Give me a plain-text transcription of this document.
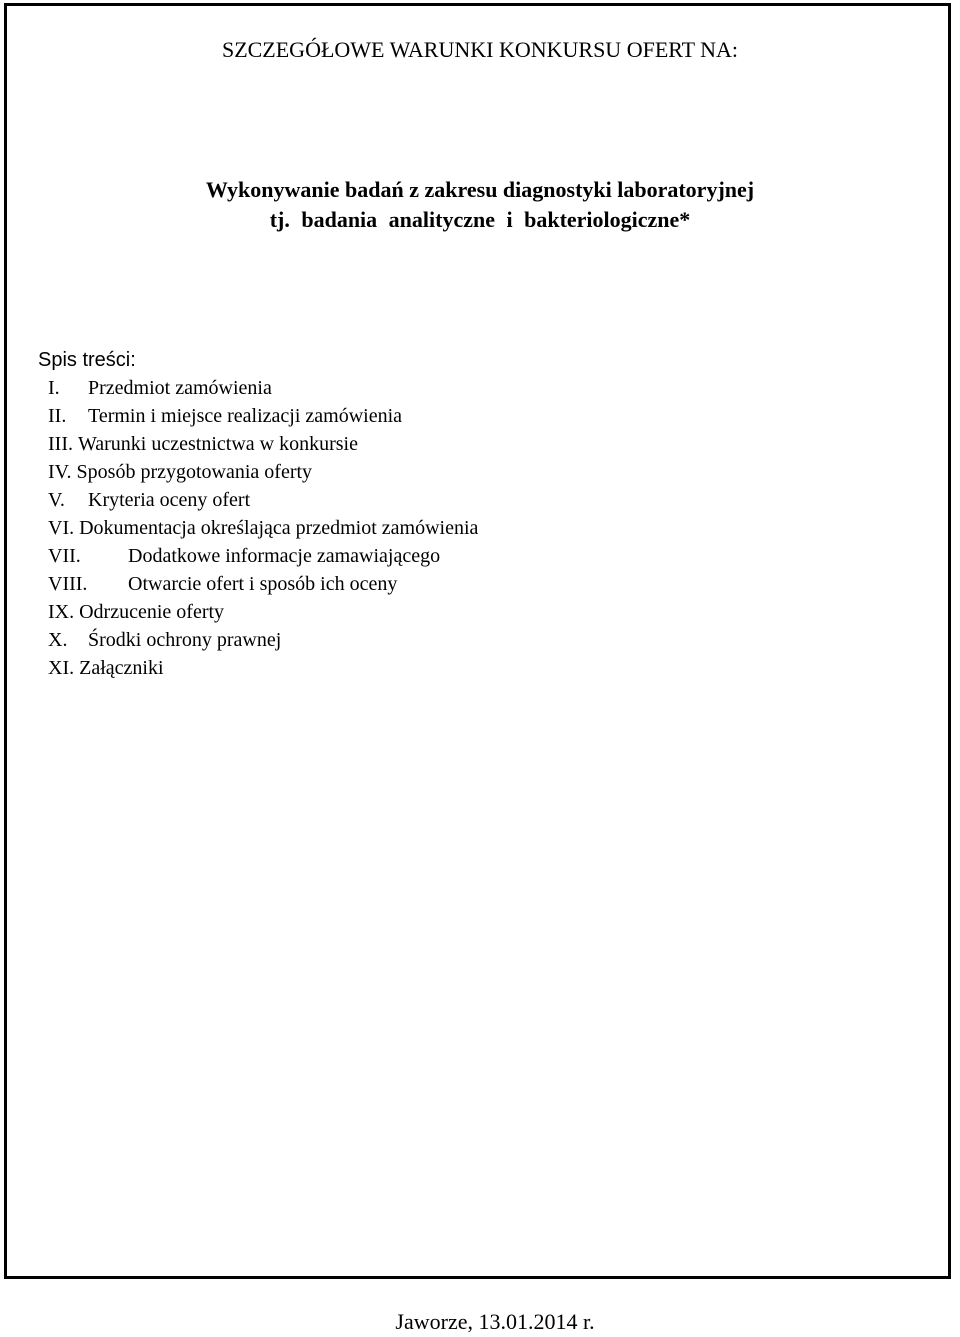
SZCZEGÓŁOWE WARUNKI KONKURSU OFERT NA:

Wykonywanie badań z zakresu diagnostyki laboratoryjnej

tj. badania analityczne i bakteriologiczne*

Spis treści:
I. Przedmiot zamówienia
II. Termin i miejsce realizacji zamówienia
III. Warunki uczestnictwa w konkursie
IV. Sposób przygotowania oferty
V. Kryteria oceny ofert
VI. Dokumentacja określająca przedmiot zamówienia
VII. Dodatkowe informacje zamawiającego
VIII. Otwarcie ofert i sposób ich oceny
IX. Odrzucenie oferty
X. Środki ochrony prawnej
XI. Załączniki
Jaworze, 13.01.2014 r.
